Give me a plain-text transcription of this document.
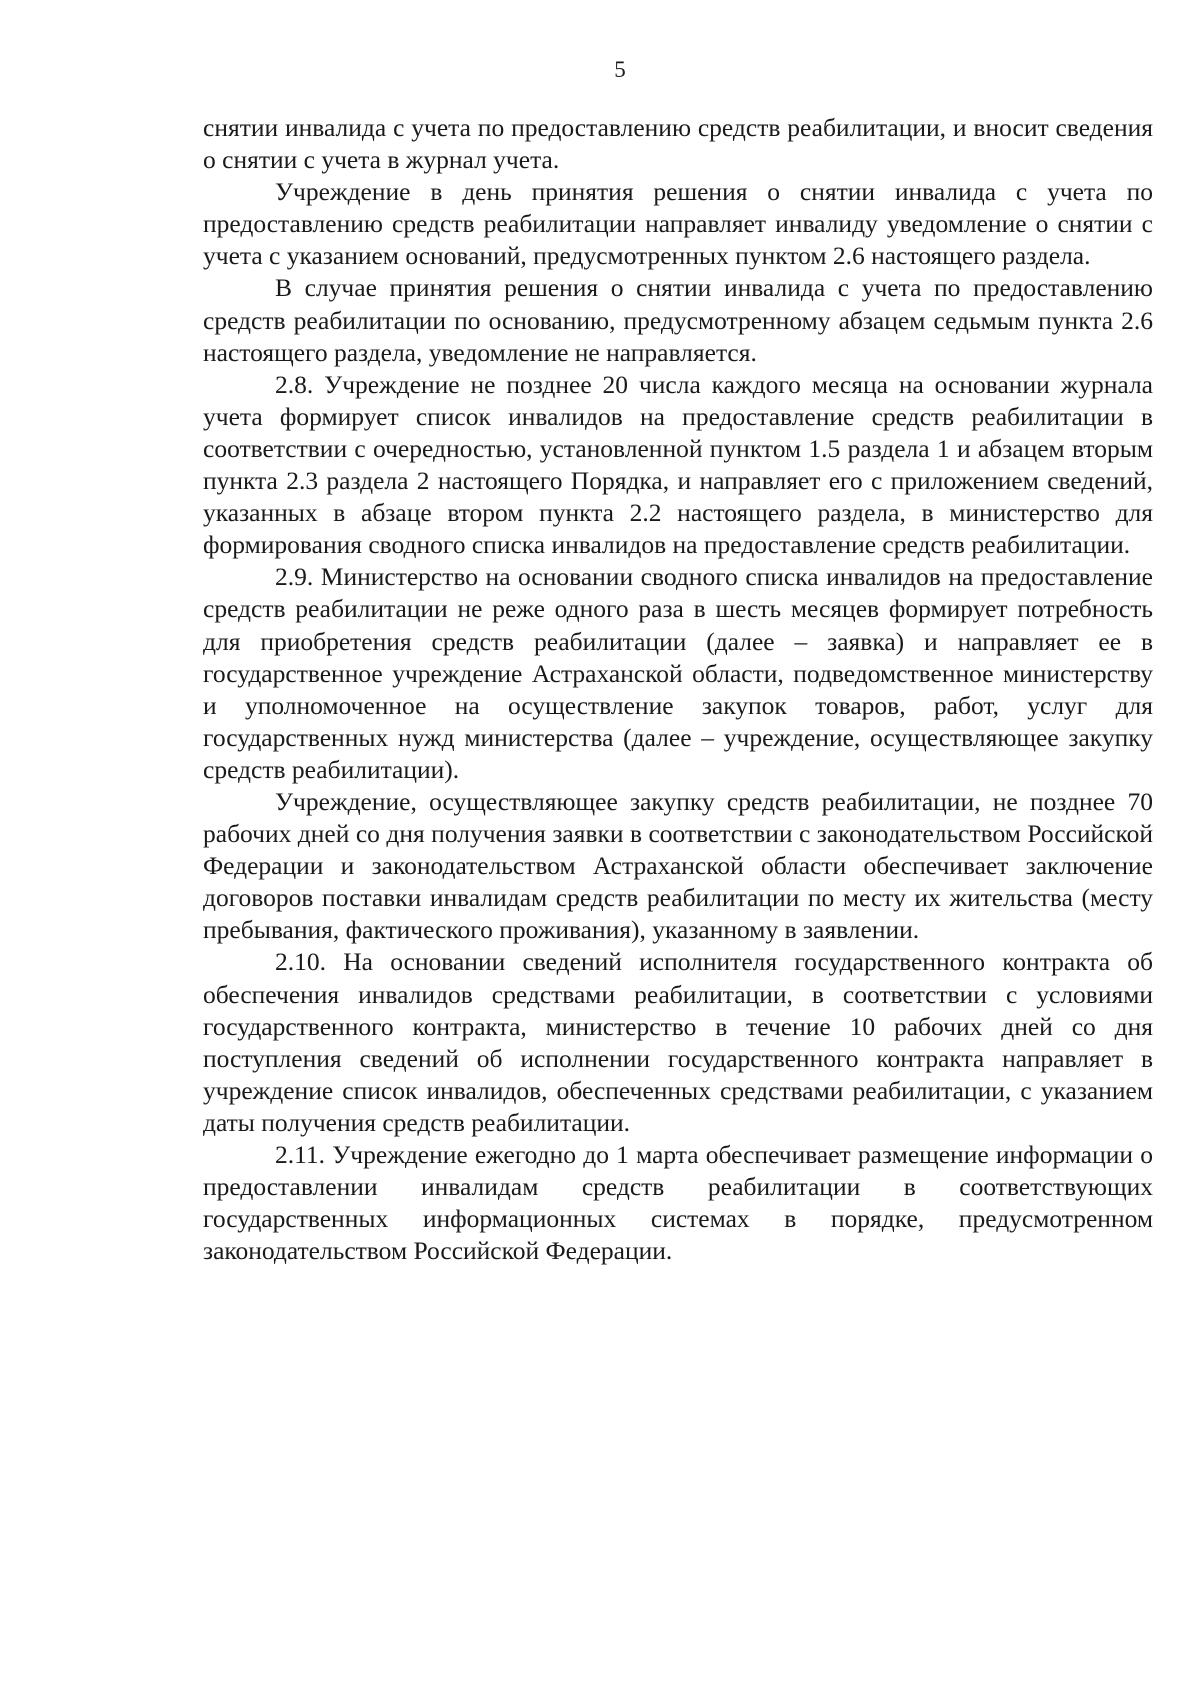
5

снятии инвалида с учета по предоставлению средств реабилитации, и вносит сведения о снятии с учета в журнал учета.

Учреждение в день принятия решения о снятии инвалида с учета по предоставлению средств реабилитации направляет инвалиду уведомление о снятии с учета с указанием оснований, предусмотренных пунктом 2.6 настоящего раздела.

В случае принятия решения о снятии инвалида с учета по предоставлению средств реабилитации по основанию, предусмотренному абзацем седьмым пункта 2.6 настоящего раздела, уведомление не направляется.

2.8. Учреждение не позднее 20 числа каждого месяца на основании журнала учета формирует список инвалидов на предоставление средств реабилитации в соответствии с очередностью, установленной пунктом 1.5 раздела 1 и абзацем вторым пункта 2.3 раздела 2 настоящего Порядка, и направляет его с приложением сведений, указанных в абзаце втором пункта 2.2 настоящего раздела, в министерство для формирования сводного списка инвалидов на предоставление средств реабилитации.

2.9. Министерство на основании сводного списка инвалидов на предоставление средств реабилитации не реже одного раза в шесть месяцев формирует потребность для приобретения средств реабилитации (далее – заявка) и направляет ее в государственное учреждение Астраханской области, подведомственное министерству и уполномоченное на осуществление закупок товаров, работ, услуг для государственных нужд министерства (далее – учреждение, осуществляющее закупку средств реабилитации).

Учреждение, осуществляющее закупку средств реабилитации, не позднее 70 рабочих дней со дня получения заявки в соответствии с законодательством Российской Федерации и законодательством Астраханской области обеспечивает заключение договоров поставки инвалидам средств реабилитации по месту их жительства (месту пребывания, фактического проживания), указанному в заявлении.

2.10. На основании сведений исполнителя государственного контракта об обеспечения инвалидов средствами реабилитации, в соответствии с условиями государственного контракта, министерство в течение 10 рабочих дней со дня поступления сведений об исполнении государственного контракта направляет в учреждение список инвалидов, обеспеченных средствами реабилитации, с указанием даты получения средств реабилитации.

2.11. Учреждение ежегодно до 1 марта обеспечивает размещение информации о предоставлении инвалидам средств реабилитации в соответствующих государственных информационных системах в порядке, предусмотренном законодательством Российской Федерации.
